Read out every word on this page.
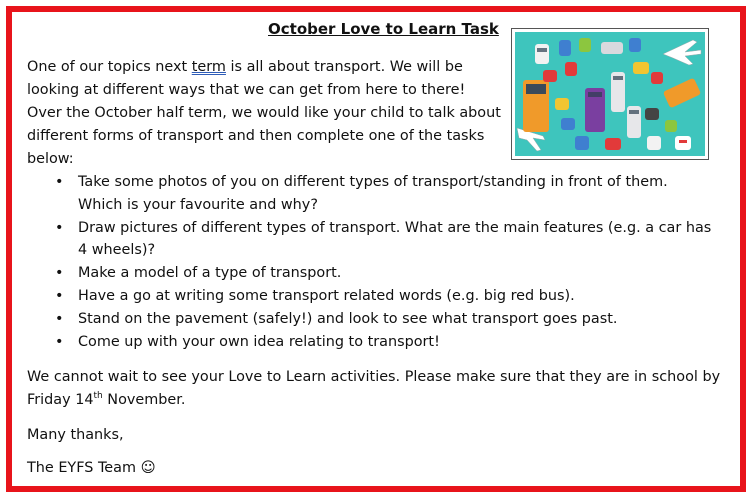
October Love to Learn Task
One of our topics next term is all about transport. We will be
looking at different ways that we can get from here to there!
Over the October half term, we would like your child to talk about
different forms of transport and then complete one of the tasks
below:
• Take some photos of you on different types of transport/standing in front of them.
Which is your favourite and why?
• Draw pictures of different types of transport. What are the main features (e.g. a car has
4 wheels)?
• Make a model of a type of transport.
• Have a go at writing some transport related words (e.g. big red bus).
• Stand on the pavement (safely!) and look to see what transport goes past.
• Come up with your own idea relating to transport!
We cannot wait to see your Love to Learn activities. Please make sure that they are in school by
Friday 14th November.
Many thanks,
The EYFS Team ☺
